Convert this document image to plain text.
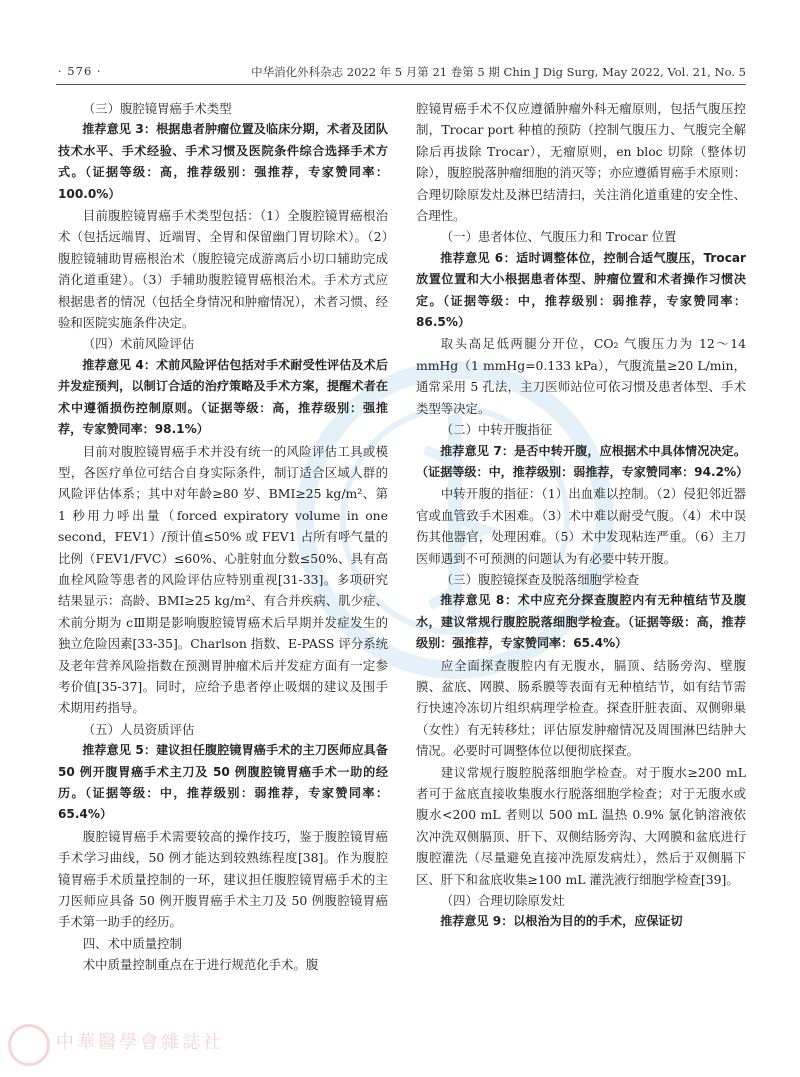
· 576 ·	中华消化外科杂志 2022 年 5 月第 21 卷第 5 期 Chin J Dig Surg, May 2022, Vol. 21, No. 5

（三）腹腔镜胃癌手术类型

推荐意见 3：根据患者肿瘤位置及临床分期，术者及团队技术水平、手术经验、手术习惯及医院条件综合选择手术方式。（证据等级：高，推荐级别：强推荐，专家赞同率：100.0%）

目前腹腔镜胃癌手术类型包括：（1）全腹腔镜胃癌根治术（包括远端胃、近端胃、全胃和保留幽门胃切除术）。（2）腹腔镜辅助胃癌根治术（腹腔镜完成游离后小切口辅助完成消化道重建）。（3）手辅助腹腔镜胃癌根治术。手术方式应根据患者的情况（包括全身情况和肿瘤情况），术者习惯、经验和医院实施条件决定。

（四）术前风险评估

推荐意见 4：术前风险评估包括对手术耐受性评估及术后并发症预判，以制订合适的治疗策略及手术方案，提醒术者在术中遵循损伤控制原则。（证据等级：高，推荐级别：强推荐，专家赞同率：98.1%）

目前对腹腔镜胃癌手术并没有统一的风险评估工具或模型，各医疗单位可结合自身实际条件，制订适合区域人群的风险评估体系；其中对年龄≥80 岁、BMI≥25 kg/m²、第 1 秒用力呼出量（forced expiratory volume in one second，FEV1）/预计值≤50% 或 FEV1 占所有呼气量的比例（FEV1/FVC）≤60%、心脏射血分数≤50%、具有高血栓风险等患者的风险评估应特别重视[31-33]。多项研究结果显示：高龄、BMI≥25 kg/m²、有合并疾病、肌少症、术前分期为 cⅢ期是影响腹腔镜胃癌术后早期并发症发生的独立危险因素[33-35]。Charlson 指数、E-PASS 评分系统及老年营养风险指数在预测胃肿瘤术后并发症方面有一定参考价值[35-37]。同时，应给予患者停止吸烟的建议及围手术期用药指导。

（五）人员资质评估

推荐意见 5：建议担任腹腔镜胃癌手术的主刀医师应具备 50 例开腹胃癌手术主刀及 50 例腹腔镜胃癌手术一助的经历。（证据等级：中，推荐级别：弱推荐，专家赞同率：65.4%）

腹腔镜胃癌手术需要较高的操作技巧，鉴于腹腔镜胃癌手术学习曲线，50 例才能达到较熟练程度[38]。作为腹腔镜胃癌手术质量控制的一环，建议担任腹腔镜胃癌手术的主刀医师应具备 50 例开腹胃癌手术主刀及 50 例腹腔镜胃癌手术第一助手的经历。

四、术中质量控制

术中质量控制重点在于进行规范化手术。腹

腔镜胃癌手术不仅应遵循肿瘤外科无瘤原则，包括气腹压控制，Trocar port 种植的预防（控制气腹压力、气腹完全解除后再拔除 Trocar），无瘤原则，en bloc 切除（整体切除），腹腔脱落肿瘤细胞的消灭等；亦应遵循胃癌手术原则：合理切除原发灶及淋巴结清扫，关注消化道重建的安全性、合理性。

（一）患者体位、气腹压力和 Trocar 位置

推荐意见 6：适时调整体位，控制合适气腹压，Trocar 放置位置和大小根据患者体型、肿瘤位置和术者操作习惯决定。（证据等级：中，推荐级别：弱推荐，专家赞同率：86.5%）

取头高足低两腿分开位，CO₂ 气腹压力为 12～14 mmHg（1 mmHg=0.133 kPa），气腹流量≥20 L/min，通常采用 5 孔法，主刀医师站位可依习惯及患者体型、手术类型等决定。

（二）中转开腹指征

推荐意见 7：是否中转开腹，应根据术中具体情况决定。（证据等级：中，推荐级别：弱推荐，专家赞同率：94.2%）

中转开腹的指征：（1）出血难以控制。（2）侵犯邻近器官或血管致手术困难。（3）术中难以耐受气腹。（4）术中误伤其他器官，处理困难。（5）术中发现粘连严重。（6）主刀医师遇到不可预测的问题认为有必要中转开腹。

（三）腹腔镜探查及脱落细胞学检查

推荐意见 8：术中应充分探查腹腔内有无种植结节及腹水，建议常规行腹腔脱落细胞学检查。（证据等级：高，推荐级别：强推荐，专家赞同率：65.4%）

应全面探查腹腔内有无腹水，膈顶、结肠旁沟、壁腹膜、盆底、网膜、肠系膜等表面有无种植结节，如有结节需行快速冷冻切片组织病理学检查。探查肝脏表面、双侧卵巢（女性）有无转移灶；评估原发肿瘤情况及周围淋巴结肿大情况。必要时可调整体位以便彻底探查。

建议常规行腹腔脱落细胞学检查。对于腹水≥200 mL 者可于盆底直接收集腹水行脱落细胞学检查；对于无腹水或腹水<200 mL 者则以 500 mL 温热 0.9% 氯化钠溶液依次冲洗双侧膈顶、肝下、双侧结肠旁沟、大网膜和盆底进行腹腔灌洗（尽量避免直接冲洗原发病灶），然后于双侧膈下区、肝下和盆底收集≥100 mL 灌洗液行细胞学检查[39]。

（四）合理切除原发灶

推荐意见 9：以根治为目的的手术，应保证切

中華醫學會雜誌社
